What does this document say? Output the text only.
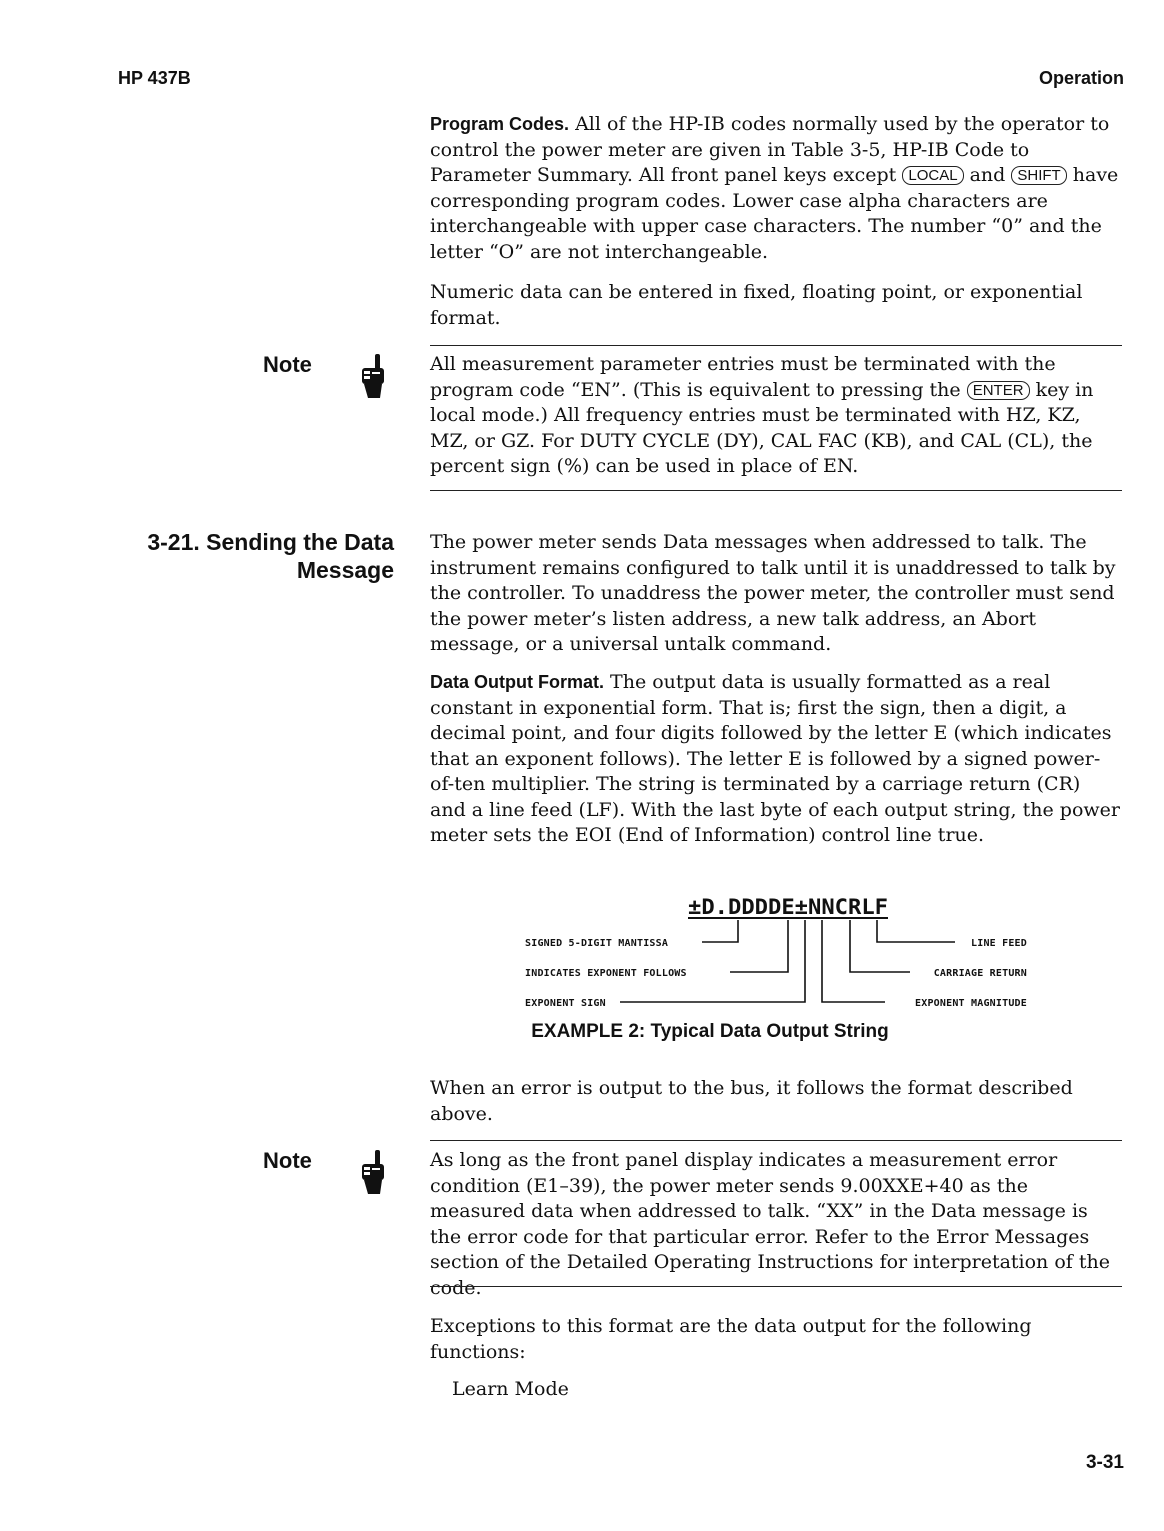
HP 437B	Operation

Program Codes. All of the HP-IB codes normally used by the operator to control the power meter are given in Table 3-5, HP-IB Code to Parameter Summary. All front panel keys except LOCAL and SHIFT have corresponding program codes. Lower case alpha characters are interchangeable with upper case characters. The number “0” and the letter “O” are not interchangeable.

Numeric data can be entered in fixed, floating point, or exponential format.
Note	All measurement parameter entries must be terminated with the program code “EN”. (This is equivalent to pressing the ENTER key in local mode.) All frequency entries must be terminated with HZ, KZ, MZ, or GZ. For DUTY CYCLE (DY), CAL FAC (KB), and CAL (CL), the percent sign (%) can be used in place of EN.

3-21. Sending the Data
Message
The power meter sends Data messages when addressed to talk. The instrument remains configured to talk until it is unaddressed to talk by the controller. To unaddress the power meter, the controller must send the power meter’s listen address, a new talk address, an Abort message, or a universal untalk command.

Data Output Format. The output data is usually formatted as a real constant in exponential form. That is; first the sign, then a digit, a decimal point, and four digits followed by the letter E (which indicates that an exponent follows). The letter E is followed by a signed power-of-ten multiplier. The string is terminated by a carriage return (CR) and a line feed (LF). With the last byte of each output string, the power meter sets the EOI (End of Information) control line true.

±D.DDDDE±NNCRLF
SIGNED 5-DIGIT MANTISSA
INDICATES EXPONENT FOLLOWS
EXPONENT SIGN
LINE FEED
CARRIAGE RETURN
EXPONENT MAGNITUDE
EXAMPLE 2: Typical Data Output String
When an error is output to the bus, it follows the format described above.
Note	As long as the front panel display indicates a measurement error condition (E1–39), the power meter sends 9.00XXE+40 as the measured data when addressed to talk. “XX” in the Data message is the error code for that particular error. Refer to the Error Messages section of the Detailed Operating Instructions for interpretation of the code.
Exceptions to this format are the data output for the following functions:
Learn Mode
3-31
